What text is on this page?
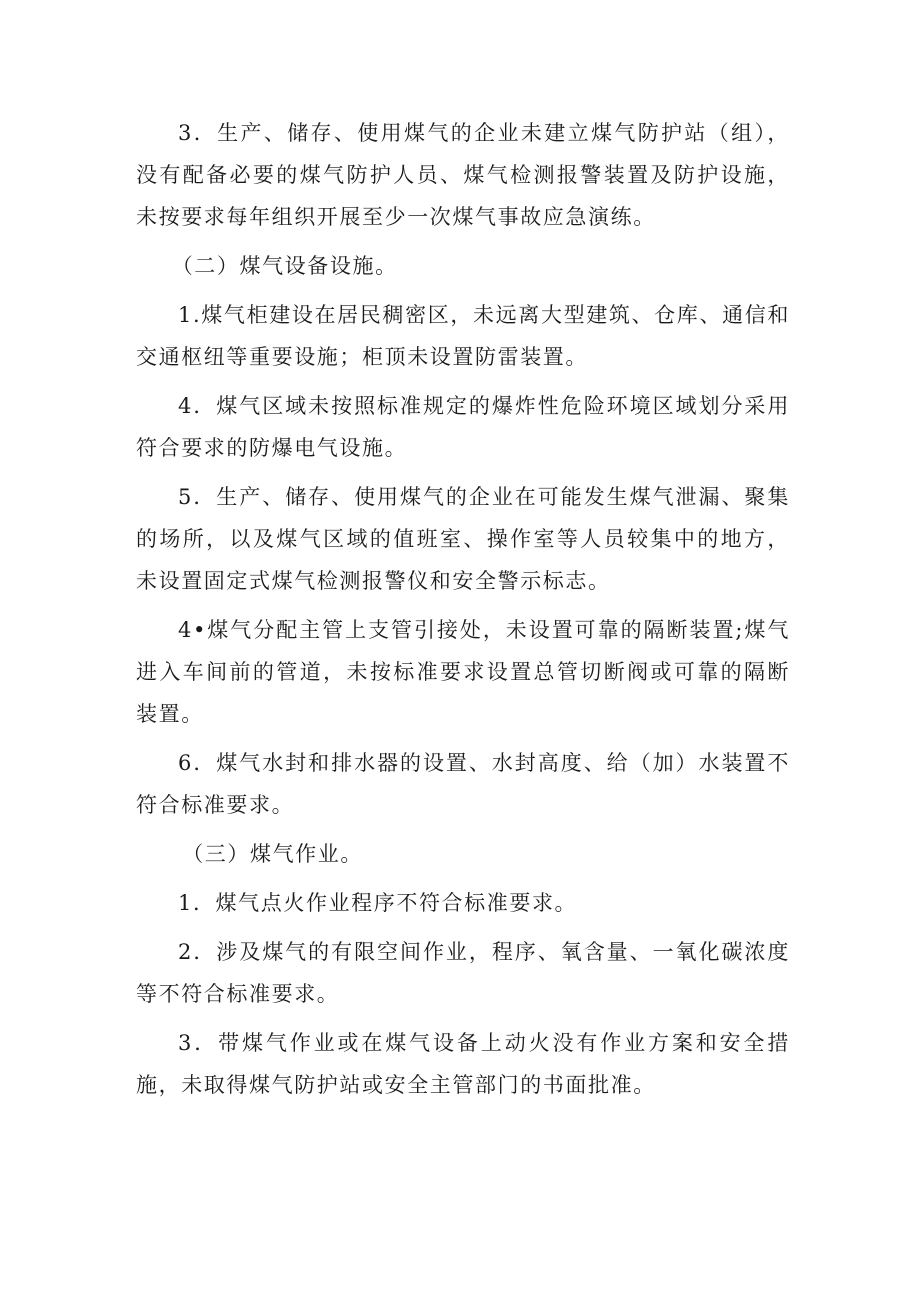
3．生产、储存、使用煤气的企业未建立煤气防护站（组），没有配备必要的煤气防护人员、煤气检测报警装置及防护设施，未按要求每年组织开展至少一次煤气事故应急演练。

（二）煤气设备设施。

1.煤气柜建设在居民稠密区，未远离大型建筑、仓库、通信和交通枢纽等重要设施；柜顶未设置防雷装置。

4．煤气区域未按照标准规定的爆炸性危险环境区域划分采用符合要求的防爆电气设施。

5．生产、储存、使用煤气的企业在可能发生煤气泄漏、聚集的场所，以及煤气区域的值班室、操作室等人员较集中的地方，未设置固定式煤气检测报警仪和安全警示标志。

4•煤气分配主管上支管引接处，未设置可靠的隔断装置;煤气进入车间前的管道，未按标准要求设置总管切断阀或可靠的隔断装置。

6．煤气水封和排水器的设置、水封高度、给（加）水装置不符合标准要求。

（三）煤气作业。

1．煤气点火作业程序不符合标准要求。

2．涉及煤气的有限空间作业，程序、氧含量、一氧化碳浓度等不符合标准要求。

3．带煤气作业或在煤气设备上动火没有作业方案和安全措施，未取得煤气防护站或安全主管部门的书面批准。
